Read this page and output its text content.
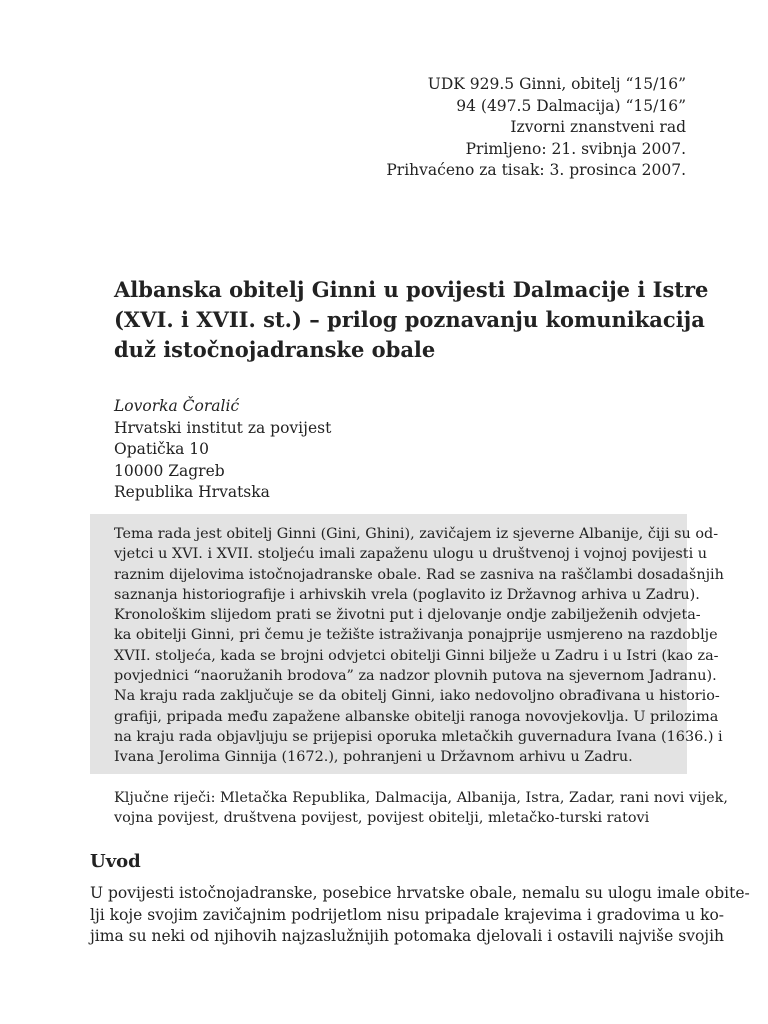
UDK 929.5 Ginni, obitelj “15/16”
94 (497.5 Dalmacija) “15/16”
Izvorni znanstveni rad
Primljeno: 21. svibnja 2007.
Prihvaćeno za tisak: 3. prosinca 2007.
Albanska obitelj Ginni u povijesti Dalmacije i Istre
(XVI. i XVII. st.) – prilog poznavanju komunikacija
duž istočnojadranske obale
Lovorka Čoralić
Hrvatski institut za povijest
Opatička 10
10000 Zagreb
Republika Hrvatska
Tema rada jest obitelj Ginni (Gini, Ghini), zavičajem iz sjeverne Albanije, čiji su od-
vjetci u XVI. i XVII. stoljeću imali zapaženu ulogu u društvenoj i vojnoj povijesti u
raznim dijelovima istočnojadranske obale. Rad se zasniva na raščlambi dosadašnjih
saznanja historiografije i arhivskih vrela (poglavito iz Državnog arhiva u Zadru).
Kronološkim slijedom prati se životni put i djelovanje ondje zabilježenih odvjeta-
ka obitelji Ginni, pri čemu je težište istraživanja ponajprije usmjereno na razdoblje
XVII. stoljeća, kada se brojni odvjetci obitelji Ginni bilježe u Zadru i u Istri (kao za-
povjednici “naoružanih brodova” za nadzor plovnih putova na sjevernom Jadranu).
Na kraju rada zaključuje se da obitelj Ginni, iako nedovoljno obrađivana u historio-
grafiji, pripada među zapažene albanske obitelji ranoga novovjekovlja. U prilozima
na kraju rada objavljuju se prijepisi oporuka mletačkih guvernadura Ivana (1636.) i
Ivana Jerolima Ginnija (1672.), pohranjeni u Državnom arhivu u Zadru.
Ključne riječi: Mletačka Republika, Dalmacija, Albanija, Istra, Zadar, rani novi vijek,
vojna povijest, društvena povijest, povijest obitelji, mletačko-turski ratovi
Uvod
U povijesti istočnojadranske, posebice hrvatske obale, nemalu su ulogu imale obite-
lji koje svojim zavičajnim podrijetlom nisu pripadale krajevima i gradovima u ko-
jima su neki od njihovih najzaslužnijih potomaka djelovali i ostavili najviše svojih
